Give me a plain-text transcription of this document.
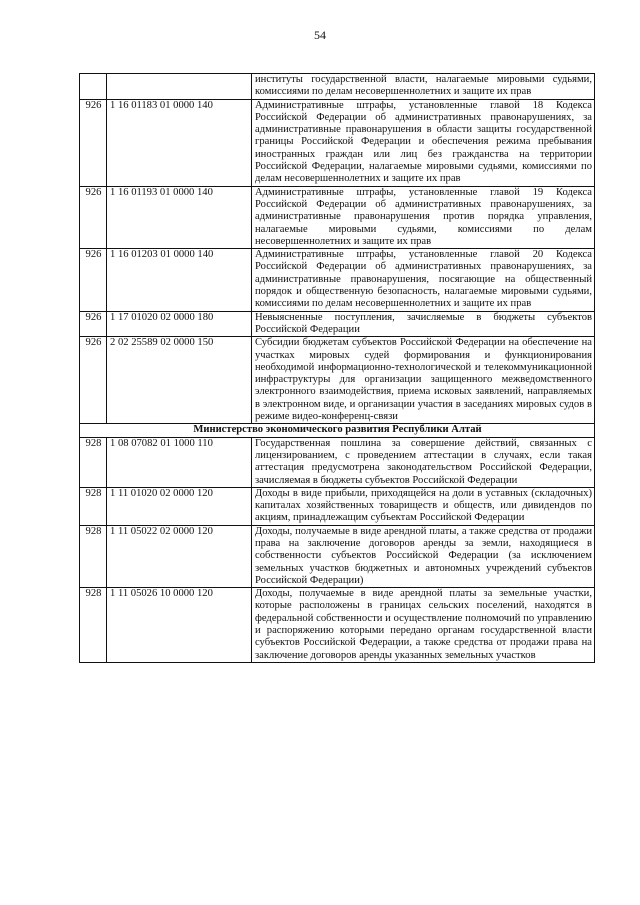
54
		институты государственной власти, налагаемые мировыми судьями, комиссиями по делам несовершеннолетних и защите их прав
926	1 16 01183 01 0000 140	Административные штрафы, установленные главой 18 Кодекса Российской Федерации об административных правонарушениях, за административные правонарушения в области защиты государственной границы Российской Федерации и обеспечения режима пребывания иностранных граждан или лиц без гражданства на территории Российской Федерации, налагаемые мировыми судьями, комиссиями по делам несовершеннолетних и защите их прав
926	1 16 01193 01 0000 140	Административные штрафы, установленные главой 19 Кодекса Российской Федерации об административных правонарушениях, за административные правонарушения против порядка управления, налагаемые мировыми судьями, комиссиями по делам несовершеннолетних и защите их прав
926	1 16 01203 01 0000 140	Административные штрафы, установленные главой 20 Кодекса Российской Федерации об административных правонарушениях, за административные правонарушения, посягающие на общественный порядок и общественную безопасность, налагаемые мировыми судьями, комиссиями по делам несовершеннолетних и защите их прав
926	1 17 01020 02 0000 180	Невыясненные поступления, зачисляемые в бюджеты субъектов Российской Федерации
926	2 02 25589 02 0000 150	Субсидии бюджетам субъектов Российской Федерации на обеспечение на участках мировых судей формирования и функционирования необходимой информационно-технологической и телекоммуникационной инфраструктуры для организации защищенного межведомственного электронного взаимодействия, приема исковых заявлений, направляемых в электронном виде, и организации участия в заседаниях мировых судов в режиме видео-конференц-связи
Министерство экономического развития Республики Алтай		
928	1 08 07082 01 1000 110	Государственная пошлина за совершение действий, связанных с лицензированием, с проведением аттестации в случаях, если такая аттестация предусмотрена законодательством Российской Федерации, зачисляемая в бюджеты субъектов Российской Федерации
928	1 11 01020 02 0000 120	Доходы в виде прибыли, приходящейся на доли в уставных (складочных) капиталах хозяйственных товариществ и обществ, или дивидендов по акциям, принадлежащим субъектам Российской Федерации
928	1 11 05022 02 0000 120	Доходы, получаемые в виде арендной платы, а также средства от продажи права на заключение договоров аренды за земли, находящиеся в собственности субъектов Российской Федерации (за исключением земельных участков бюджетных и автономных учреждений субъектов Российской Федерации)
928	1 11 05026 10 0000 120	Доходы, получаемые в виде арендной платы за земельные участки, которые расположены в границах сельских поселений, находятся в федеральной собственности и осуществление полномочий по управлению и распоряжению которыми передано органам государственной власти субъектов Российской Федерации, а также средства от продажи права на заключение договоров аренды указанных земельных участков
